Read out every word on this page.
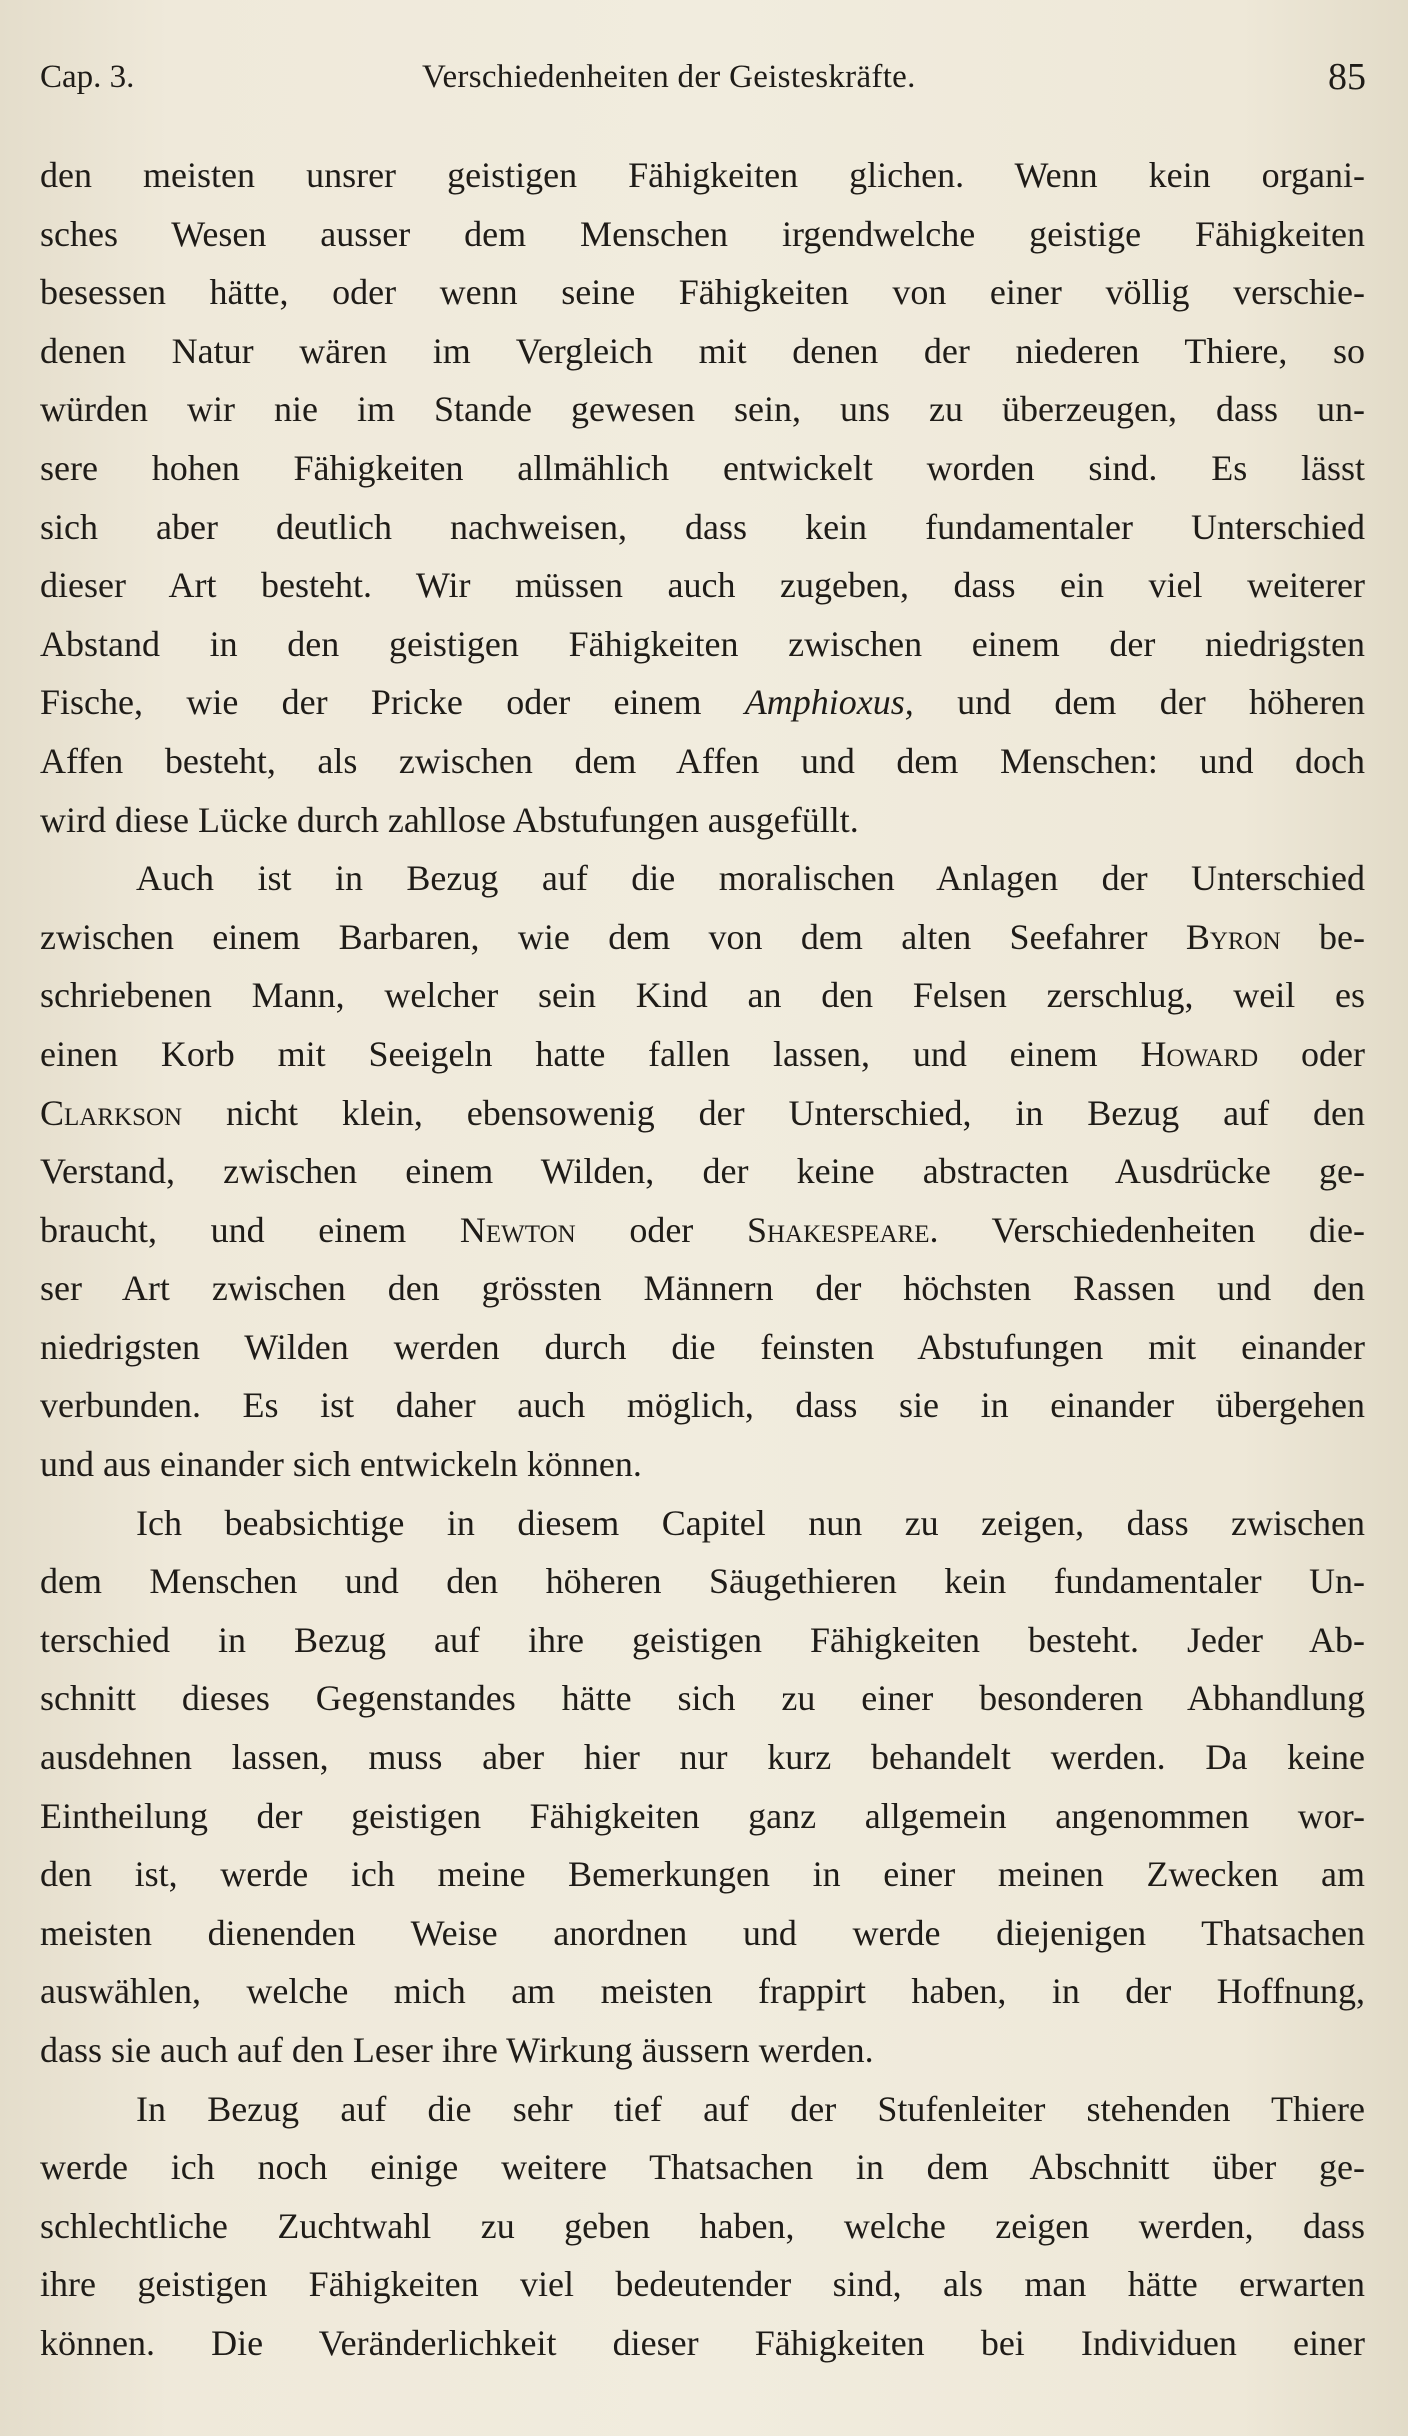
Cap. 3.	Verschiedenheiten der Geisteskräfte.	85
den meisten unsrer geistigen Fähigkeiten glichen. Wenn kein organi-
sches Wesen ausser dem Menschen irgendwelche geistige Fähigkeiten
besessen hätte, oder wenn seine Fähigkeiten von einer völlig verschie-
denen Natur wären im Vergleich mit denen der niederen Thiere, so
würden wir nie im Stande gewesen sein, uns zu überzeugen, dass un-
sere hohen Fähigkeiten allmählich entwickelt worden sind. Es lässt
sich aber deutlich nachweisen, dass kein fundamentaler Unterschied
dieser Art besteht. Wir müssen auch zugeben, dass ein viel weiterer
Abstand in den geistigen Fähigkeiten zwischen einem der niedrigsten
Fische, wie der Pricke oder einem Amphioxus, und dem der höheren
Affen besteht, als zwischen dem Affen und dem Menschen: und doch
wird diese Lücke durch zahllose Abstufungen ausgefüllt.
Auch ist in Bezug auf die moralischen Anlagen der Unterschied
zwischen einem Barbaren, wie dem von dem alten Seefahrer Byron be-
schriebenen Mann, welcher sein Kind an den Felsen zerschlug, weil es
einen Korb mit Seeigeln hatte fallen lassen, und einem Howard oder
Clarkson nicht klein, ebensowenig der Unterschied, in Bezug auf den
Verstand, zwischen einem Wilden, der keine abstracten Ausdrücke ge-
braucht, und einem Newton oder Shakespeare. Verschiedenheiten die-
ser Art zwischen den grössten Männern der höchsten Rassen und den
niedrigsten Wilden werden durch die feinsten Abstufungen mit einander
verbunden. Es ist daher auch möglich, dass sie in einander übergehen
und aus einander sich entwickeln können.
Ich beabsichtige in diesem Capitel nun zu zeigen, dass zwischen
dem Menschen und den höheren Säugethieren kein fundamentaler Un-
terschied in Bezug auf ihre geistigen Fähigkeiten besteht. Jeder Ab-
schnitt dieses Gegenstandes hätte sich zu einer besonderen Abhandlung
ausdehnen lassen, muss aber hier nur kurz behandelt werden. Da keine
Eintheilung der geistigen Fähigkeiten ganz allgemein angenommen wor-
den ist, werde ich meine Bemerkungen in einer meinen Zwecken am
meisten dienenden Weise anordnen und werde diejenigen Thatsachen
auswählen, welche mich am meisten frappirt haben, in der Hoffnung,
dass sie auch auf den Leser ihre Wirkung äussern werden.
In Bezug auf die sehr tief auf der Stufenleiter stehenden Thiere
werde ich noch einige weitere Thatsachen in dem Abschnitt über ge-
schlechtliche Zuchtwahl zu geben haben, welche zeigen werden, dass
ihre geistigen Fähigkeiten viel bedeutender sind, als man hätte erwarten
können. Die Veränderlichkeit dieser Fähigkeiten bei Individuen einer
